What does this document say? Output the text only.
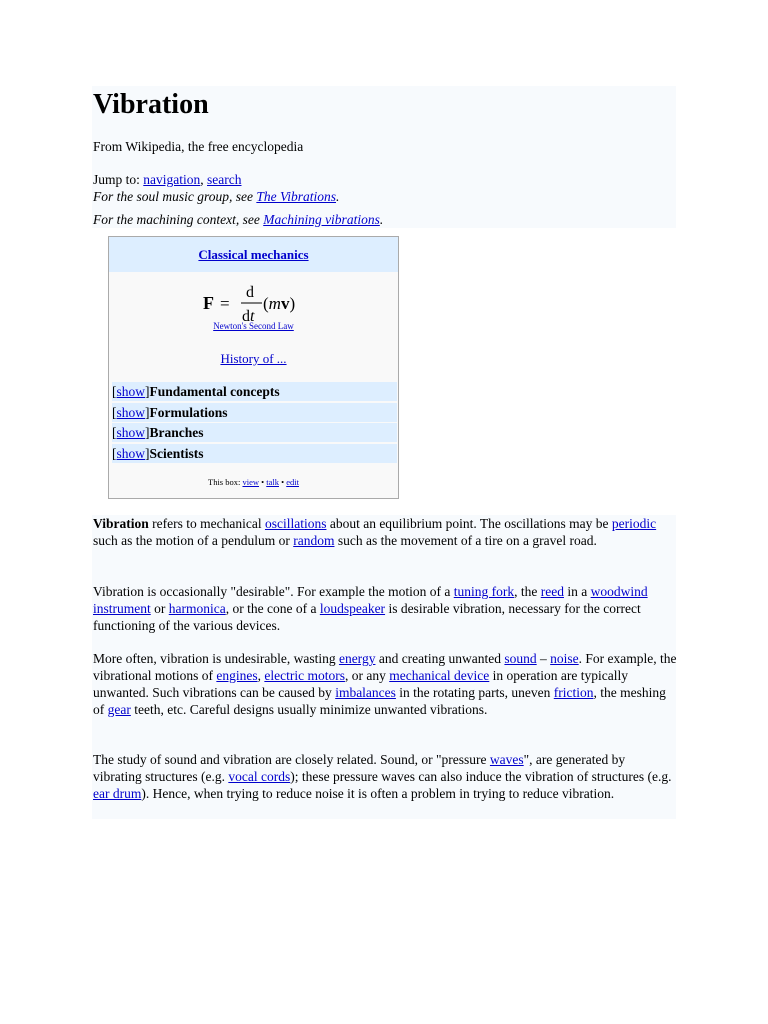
Vibration
From Wikipedia, the free encyclopedia
Jump to: navigation, search
For the soul music group, see The Vibrations.
For the machining context, see Machining vibrations.
Classical mechanics
F =
d
dt
(mv)
Newton's Second Law
History of ...
[show]Fundamental concepts
[show]Formulations
[show]Branches
[show]Scientists
This box: view • talk • edit

Vibration refers to mechanical oscillations about an equilibrium point. The oscillations may be periodic such as the motion of a pendulum or random such as the movement of a tire on a gravel road.

Vibration is occasionally "desirable". For example the motion of a tuning fork, the reed in a woodwind instrument or harmonica, or the cone of a loudspeaker is desirable vibration, necessary for the correct functioning of the various devices.

More often, vibration is undesirable, wasting energy and creating unwanted sound – noise. For example, the vibrational motions of engines, electric motors, or any mechanical device in operation are typically unwanted. Such vibrations can be caused by imbalances in the rotating parts, uneven friction, the meshing of gear teeth, etc. Careful designs usually minimize unwanted vibrations.

The study of sound and vibration are closely related. Sound, or "pressure waves", are generated by vibrating structures (e.g. vocal cords); these pressure waves can also induce the vibration of structures (e.g. ear drum). Hence, when trying to reduce noise it is often a problem in trying to reduce vibration.
